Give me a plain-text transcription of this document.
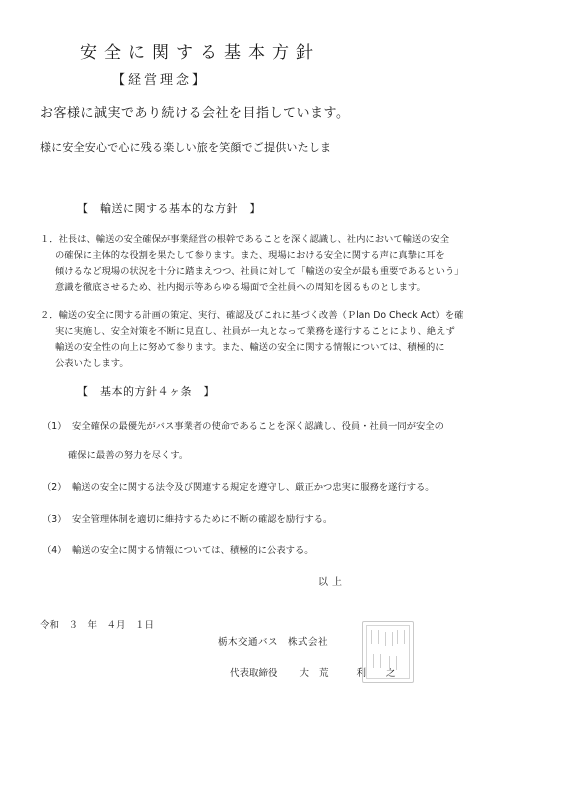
安全に関する基本方針
【経営理念】
お客様に誠実であり続ける会社を目指しています。
様に安全安心で心に残る楽しい旅を笑顔でご提供いたしま
【　輸送に関する基本的な方針　】
１．社長は、輸送の安全確保が事業経営の根幹であることを深く認識し、社内において輸送の安全
の確保に主体的な役割を果たして参ります。また、現場における安全に関する声に真摯に耳を
傾けるなど現場の状況を十分に踏まえつつ、社員に対して「輸送の安全が最も重要であるという」
意識を徹底させるため、社内掲示等あらゆる場面で全社員への周知を図るものとします。
２．輸送の安全に関する計画の策定、実行、確認及びこれに基づく改善（Ｐlan Do Check Act）を確
実に実施し、安全対策を不断に見直し、社員が一丸となって業務を遂行することにより、絶えず
輸送の安全性の向上に努めて参ります。また、輸送の安全に関する情報については、積極的に
公表いたします。
【　基本的方針４ヶ条　】
（1） 安全確保の最優先がバス事業者の使命であることを深く認識し、役員・社員一同が安全の
確保に最善の努力を尽くす。
（2） 輸送の安全に関する法令及び関連する規定を遵守し、厳正かつ忠実に服務を遂行する。
（3） 安全管理体制を適切に維持するために不断の確認を励行する。
（4） 輸送の安全に関する情報については、積極的に公表する。
以上
令和　３　年　４月　１日
栃木交通バス　株式会社
代表取締役 大荒 利之
